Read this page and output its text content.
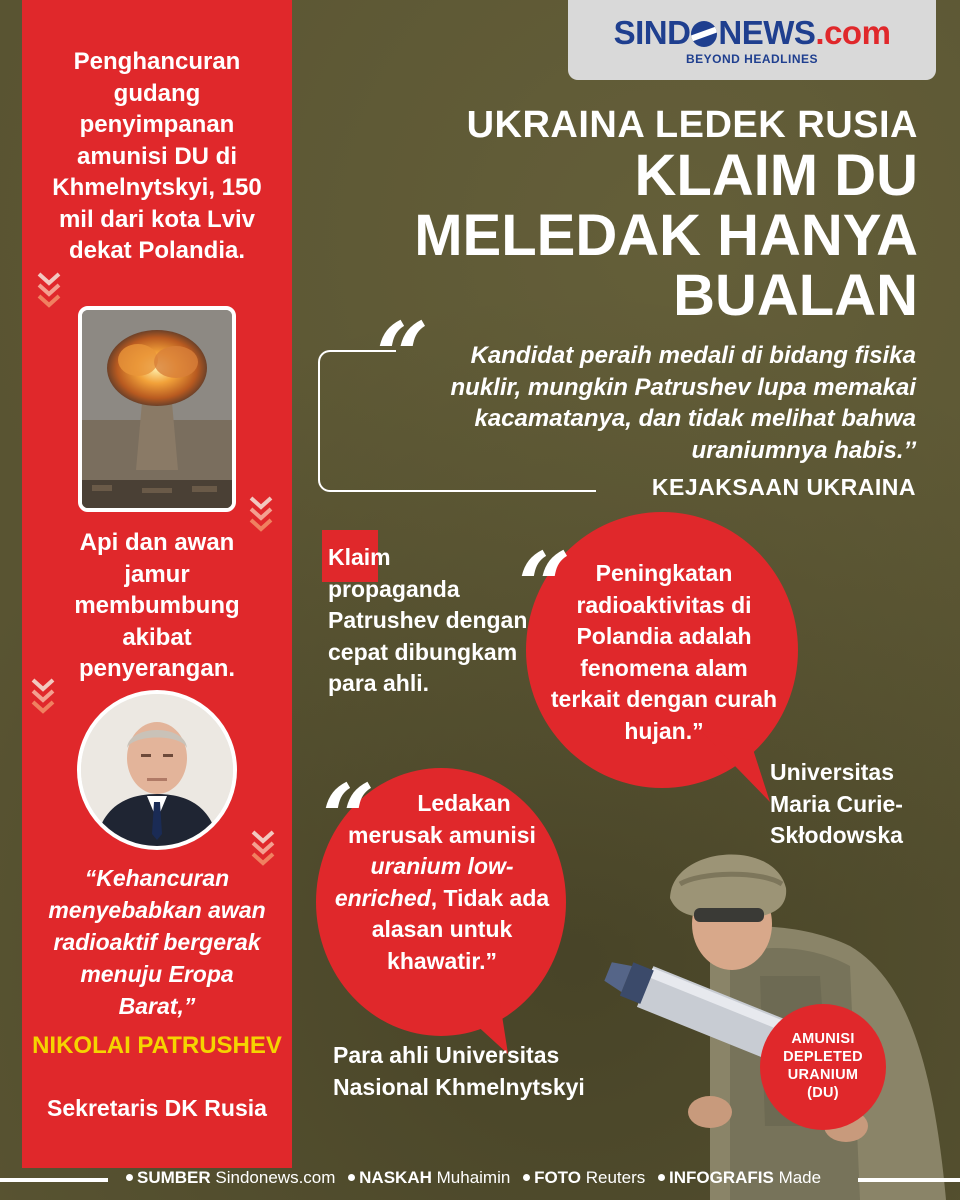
Penghancuran gudang penyimpanan amunisi DU di Khmelnytskyi, 150 mil dari kota Lviv dekat Polandia.
Api dan awan jamur membumbung akibat penyerangan.
“Kehancuran menyebabkan awan radioaktif bergerak menuju Eropa Barat,”
NIKOLAI PATRUSHEV
Sekretaris DK Rusia
SIND NEWS.com
BEYOND HEADLINES
UKRAINA LEDEK RUSIA
KLAIM DU
MELEDAK HANYA
BUALAN
“	Kandidat peraih medali di bidang fisika nuklir, mungkin Patrushev lupa memakai kacamatanya, dan tidak melihat bahwa uraniumnya habis.’’
KEJAKSAAN UKRAINA
Klaim propaganda Patrushev dengan cepat dibungkam para ahli.
“	Peningkatan radioaktivitas di Polandia adalah fenomena alam terkait dengan curah hujan.”
Universitas Maria Curie-Skłodowska
“	Ledakan merusak amunisi uranium low-enriched, Tidak ada alasan untuk khawatir.”
Para ahli Universitas Nasional Khmelnytskyi
AMUNISI
DEPLETED
URANIUM
(DU)
SUMBER Sindonews.com NASKAH Muhaimin FOTO Reuters INFOGRAFIS Made
